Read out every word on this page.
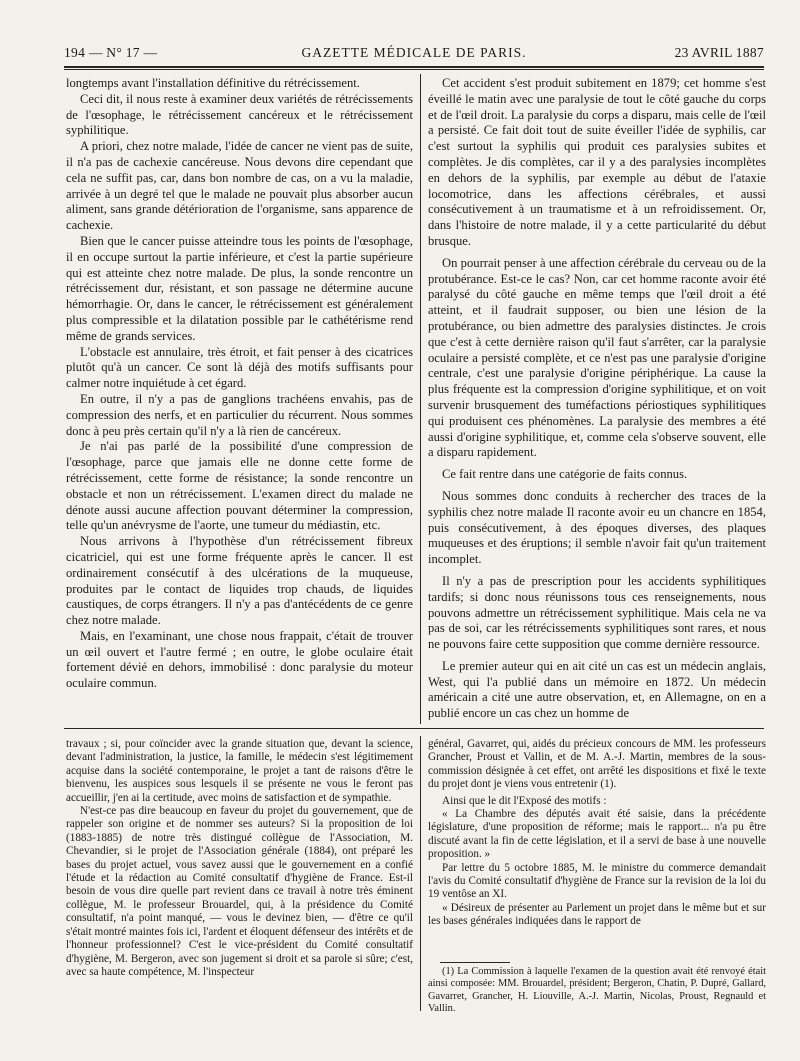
194 — N° 17 —	GAZETTE MÉDICALE DE PARIS.	23 AVRIL 1887

longtemps avant l'installation définitive du rétrécissement.

Ceci dit, il nous reste à examiner deux variétés de rétrécissements de l'œsophage, le rétrécissement cancéreux et le rétrécissement syphilitique.

A priori, chez notre malade, l'idée de cancer ne vient pas de suite, il n'a pas de cachexie cancéreuse. Nous devons dire cependant que cela ne suffit pas, car, dans bon nombre de cas, on a vu la maladie, arrivée à un degré tel que le malade ne pouvait plus absorber aucun aliment, sans grande détérioration de l'organisme, sans apparence de cachexie.

Bien que le cancer puisse atteindre tous les points de l'œsophage, il en occupe surtout la partie inférieure, et c'est la partie supérieure qui est atteinte chez notre malade. De plus, la sonde rencontre un rétrécissement dur, résistant, et son passage ne détermine aucune hémorrhagie. Or, dans le cancer, le rétrécissement est généralement plus compressible et la dilatation possible par le cathétérisme rend même de grands services.

L'obstacle est annulaire, très étroit, et fait penser à des cicatrices plutôt qu'à un cancer. Ce sont là déjà des motifs suffisants pour calmer notre inquiétude à cet égard.

En outre, il n'y a pas de ganglions trachéens envahis, pas de compression des nerfs, et en particulier du récurrent. Nous sommes donc à peu près certain qu'il n'y a là rien de cancéreux.

Je n'ai pas parlé de la possibilité d'une compression de l'œsophage, parce que jamais elle ne donne cette forme de rétrécissement, cette forme de résistance; la sonde rencontre un obstacle et non un rétrécissement. L'examen direct du malade ne dénote aussi aucune affection pouvant déterminer la compression, telle qu'un anévrysme de l'aorte, une tumeur du médiastin, etc.

Nous arrivons à l'hypothèse d'un rétrécissement fibreux cicatriciel, qui est une forme fréquente après le cancer. Il est ordinairement consécutif à des ulcérations de la muqueuse, produites par le contact de liquides trop chauds, de liquides caustiques, de corps étrangers. Il n'y a pas d'antécédents de ce genre chez notre malade.

Mais, en l'examinant, une chose nous frappait, c'était de trouver un œil ouvert et l'autre fermé ; en outre, le globe oculaire était fortement dévié en dehors, immobilisé : donc paralysie du moteur oculaire commun.

Cet accident s'est produit subitement en 1879; cet homme s'est éveillé le matin avec une paralysie de tout le côté gauche du corps et de l'œil droit. La paralysie du corps a disparu, mais celle de l'œil a persisté. Ce fait doit tout de suite éveiller l'idée de syphilis, car c'est surtout la syphilis qui produit ces paralysies subites et complètes. Je dis complètes, car il y a des paralysies incomplètes en dehors de la syphilis, par exemple au début de l'ataxie locomotrice, dans les affections cérébrales, et aussi consécutivement à un traumatisme et à un refroidissement. Or, dans l'histoire de notre malade, il y a cette particularité du début brusque.

On pourrait penser à une affection cérébrale du cerveau ou de la protubérance. Est-ce le cas? Non, car cet homme raconte avoir été paralysé du côté gauche en même temps que l'œil droit a été atteint, et il faudrait supposer, ou bien une lésion de la protubérance, ou bien admettre des paralysies distinctes. Je crois que c'est à cette dernière raison qu'il faut s'arrêter, car la paralysie oculaire a persisté complète, et ce n'est pas une paralysie d'origine centrale, c'est une paralysie d'origine périphérique. La cause la plus fréquente est la compression d'origine syphilitique, et on voit survenir brusquement des tuméfactions périostiques syphilitiques qui produisent ces phénomènes. La paralysie des membres a été aussi d'origine syphilitique, et, comme cela s'observe souvent, elle a disparu rapidement.

Ce fait rentre dans une catégorie de faits connus.

Nous sommes donc conduits à rechercher des traces de la syphilis chez notre malade Il raconte avoir eu un chancre en 1854, puis consécutivement, à des époques diverses, des plaques muqueuses et des éruptions; il semble n'avoir fait qu'un traitement incomplet.

Il n'y a pas de prescription pour les accidents syphilitiques tardifs; si donc nous réunissons tous ces renseignements, nous pouvons admettre un rétrécissement syphilitique. Mais cela ne va pas de soi, car les rétrécissements syphilitiques sont rares, et nous ne pouvons faire cette supposition que comme dernière ressource.

Le premier auteur qui en ait cité un cas est un médecin anglais, West, qui l'a publié dans un mémoire en 1872. Un médecin américain a cité une autre observation, et, en Allemagne, on en a publié encore un cas chez un homme de

travaux ; si, pour coïncider avec la grande situation que, devant la science, devant l'administration, la justice, la famille, le médecin s'est légitimement acquise dans la société contemporaine, le projet a tant de raisons d'être le bienvenu, les auspices sous lesquels il se présente ne vous le feront pas accueillir, j'en ai la certitude, avec moins de satisfaction et de sympathie.

N'est-ce pas dire beaucoup en faveur du projet du gouvernement, que de rappeler son origine et de nommer ses auteurs? Si la proposition de loi (1883-1885) de notre très distingué collègue de l'Association, M. Chevandier, si le projet de l'Association générale (1884), ont préparé les bases du projet actuel, vous savez aussi que le gouvernement en a confié l'étude et la rédaction au Comité consultatif d'hygiène de France. Est-il besoin de vous dire quelle part revient dans ce travail à notre très éminent collègue, M. le professeur Brouardel, qui, à la présidence du Comité consultatif, n'a point manqué, — vous le devinez bien, — d'être ce qu'il s'était montré maintes fois ici, l'ardent et éloquent défenseur des intérêts et de l'honneur professionnel? C'est le vice-président du Comité consultatif d'hygiène, M. Bergeron, avec son jugement si droit et sa parole si sûre; c'est, avec sa haute compétence, M. l'inspecteur

général, Gavarret, qui, aidés du précieux concours de MM. les professeurs Grancher, Proust et Vallin, et de M. A.-J. Martin, membres de la sous-commission désignée à cet effet, ont arrêté les dispositions et fixé le texte du projet dont je viens vous entretenir (1).

Ainsi que le dit l'Exposé des motifs :

« La Chambre des députés avait été saisie, dans la précédente législature, d'une proposition de réforme; mais le rapport... n'a pu être discuté avant la fin de cette législation, et il a servi de base à une nouvelle proposition. »

Par lettre du 5 octobre 1885, M. le ministre du commerce demandait l'avis du Comité consultatif d'hygiène de France sur la revision de la loi du 19 ventôse an XI.

« Désireux de présenter au Parlement un projet dans le même but et sur les bases générales indiquées dans le rapport de

(1) La Commission à laquelle l'examen de la question avait été renvoyé était ainsi composée: MM. Brouardel, président; Bergeron, Chatin, P. Dupré, Gallard, Gavarret, Grancher, H. Liouville, A.-J. Martin, Nicolas, Proust, Regnauld et Vallin.
